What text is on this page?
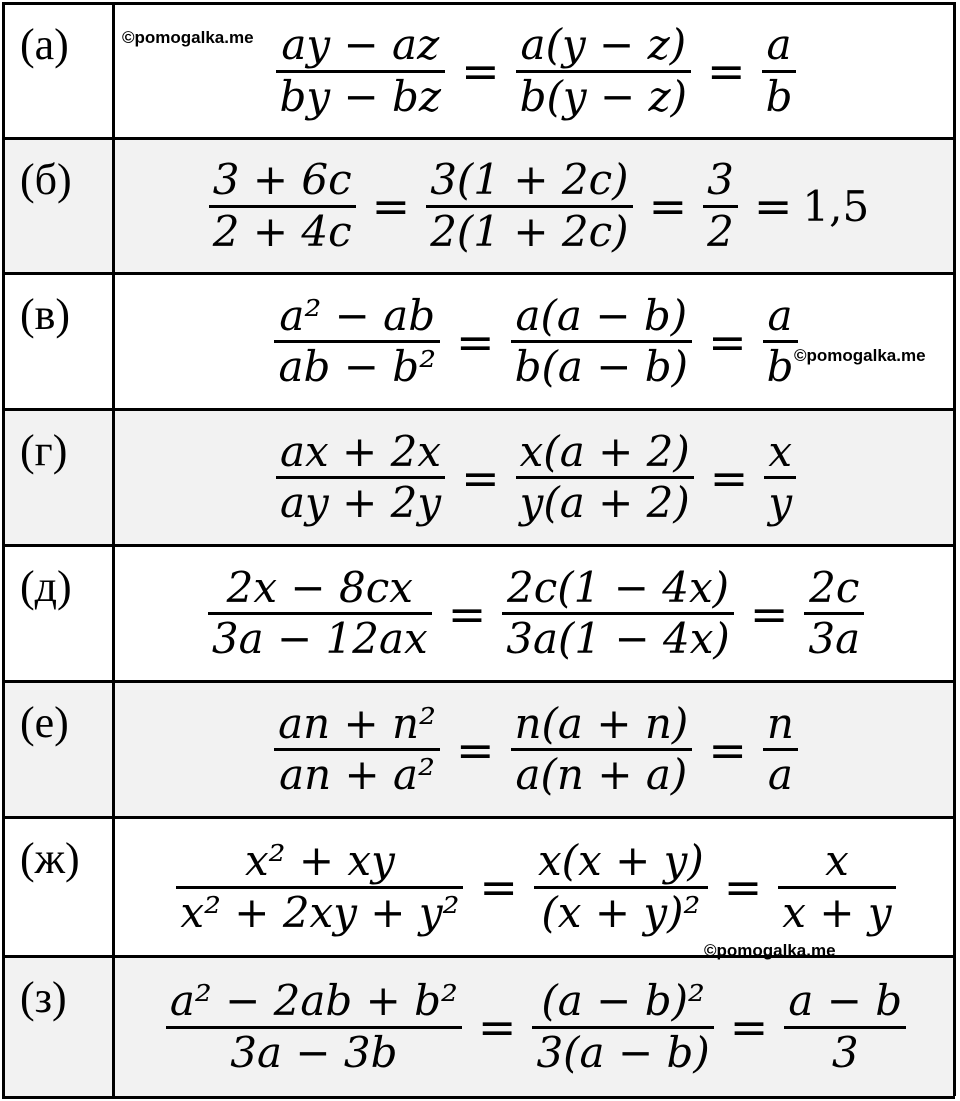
$(з) \frac{\text{a² − 2ab + b²}}{3a - 3b} = \frac{\text{(a − b)²}}{3(a - b)} = \frac{a - b}{3}$
$(ж) \frac{\text{x² + xy}}{\text{x² + 2xy + y²}} = \frac{x(x + y)}{\text{(x + y)²}} = \frac{x}{x + y}$
(е)	$\frac{\text{an + n²}}{\text{an + a²}} = \frac{n(a + n)}{a(n + a)} = \frac{n}{a}$
(д)	$\frac{2x - 8cx}{3a - 12ax} = \frac{2c(1 - 4x)}{3a(1 - 4x)} = \frac{2c}{3a}$
(г)	$\frac{ax + 2x}{ay + 2y} = \frac{x(a + 2)}{y(a + 2)} = \frac{x}{y}$
(в)	$\frac{\text{a² − ab}}{\text{ab − b²}} = \frac{a(a - b)}{b(a - b)} = \frac{a}{b}$
(б)	$\frac{3 + 6c}{2 + 4c} = \frac{3(1 + 2c)}{2(1 + 2c)} = \frac{3}{2} = 1,5$
(а)	$\frac{ay - az}{by - bz} = \frac{a(y - z)}{b(y - z)} = \frac{a}{b}$
©pomogalka.me
©pomogalka.me
©pomogalka.me
